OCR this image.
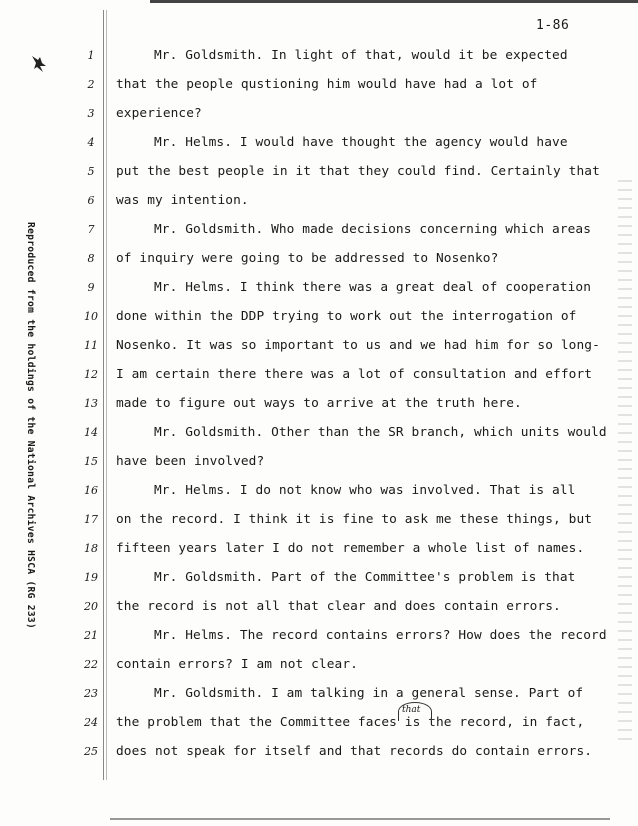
1-86
Reproduced from the holdings of the National Archives HSCA (RG 233)
1	Mr. Goldsmith. In light of that, would it be expected
2	that the people qustioning him would have had a lot of
3	experience?
4	Mr. Helms. I would have thought the agency would have
5	put the best people in it that they could find. Certainly that
6	was my intention.
7	Mr. Goldsmith. Who made decisions concerning which areas
8	of inquiry were going to be addressed to Nosenko?
9	Mr. Helms. I think there was a great deal of cooperation
10 done within the DDP trying to work out the interrogation of
11 Nosenko. It was so important to us and we had him for so long-
12 I am certain there there was a lot of consultation and effort
13 made to figure out ways to arrive at the truth here.
14	Mr. Goldsmith. Other than the SR branch, which units would
15 have been involved?
16	Mr. Helms. I do not know who was involved. That is all
17 on the record. I think it is fine to ask me these things, but
18 fifteen years later I do not remember a whole list of names.
19	Mr. Goldsmith. Part of the Committee's problem is that
20 the record is not all that clear and does contain errors.
21	Mr. Helms. The record contains errors? How does the record
22 contain errors? I am not clear.
23	Mr. Goldsmith. I am talking in a general sense. Part of
24 the problem that the Committee faces is the record, in fact,
25 does not speak for itself and that records do contain errors.
that
